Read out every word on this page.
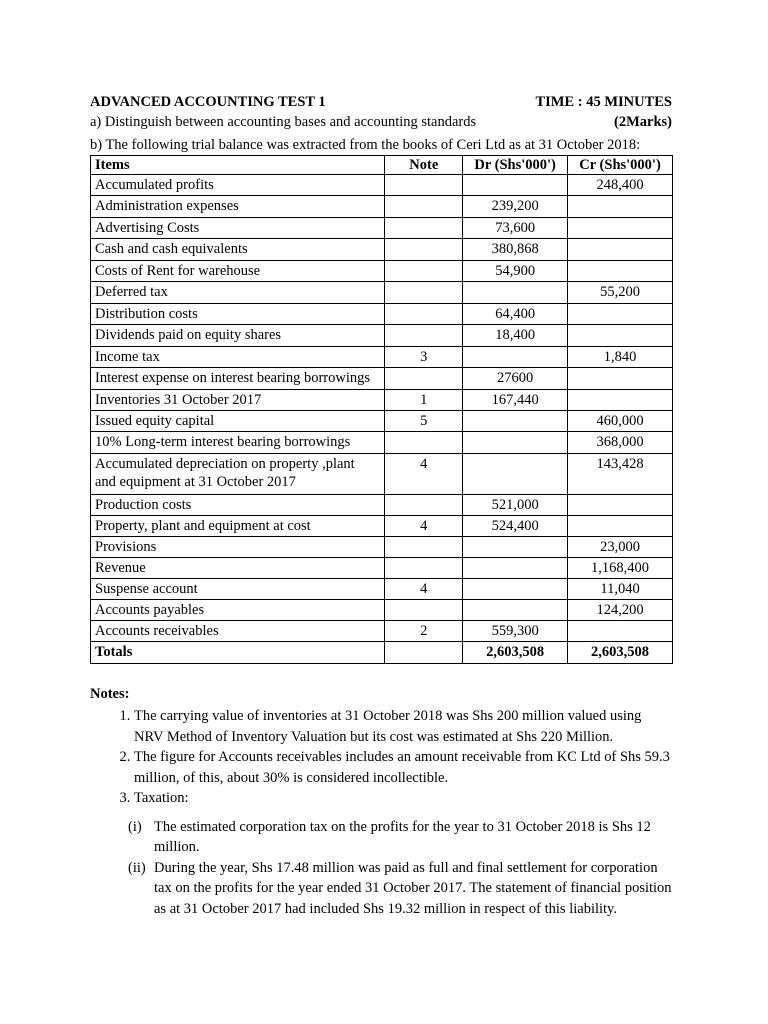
ADVANCED ACCOUNTING TEST 1	TIME : 45 MINUTES
a) Distinguish between accounting bases and accounting standards	(2Marks)
b) The following trial balance was extracted from the books of Ceri Ltd as at 31 October 2018:
Items	Note	Dr (Shs'000')	Cr (Shs'000')
Accumulated profits			248,400
Administration expenses		239,200	
Advertising Costs		73,600	
Cash and cash equivalents		380,868	
Costs of Rent for warehouse		54,900	
Deferred tax			55,200
Distribution costs		64,400	
Dividends paid on equity shares		18,400	
Income tax	3		1,840
Interest expense on interest bearing borrowings		27600	
Inventories 31 October 2017	1	167,440	
Issued equity capital	5		460,000
10% Long-term interest bearing borrowings			368,000

Accumulated depreciation on property ,plant
and equipment at 31 October 2017	4		143,428
Production costs		521,000	
Property, plant and equipment at cost	4	524,400	
Provisions			23,000
Revenue			1,168,400
Suspense account	4		11,040
Accounts payables			124,200
Accounts receivables	2	559,300	
Totals		2,603,508	2,603,508
Notes:
1. The carrying value of inventories at 31 October 2018 was Shs 200 million valued using NRV Method of Inventory Valuation but its cost was estimated at Shs 220 Million.
2. The figure for Accounts receivables includes an amount receivable from KC Ltd of Shs 59.3 million, of this, about 30% is considered incollectible.
3. Taxation:
(i) The estimated corporation tax on the profits for the year to 31 October 2018 is Shs 12 million.
(ii) During the year, Shs 17.48 million was paid as full and final settlement for corporation tax on the profits for the year ended 31 October 2017. The statement of financial position as at 31 October 2017 had included Shs 19.32 million in respect of this liability.
